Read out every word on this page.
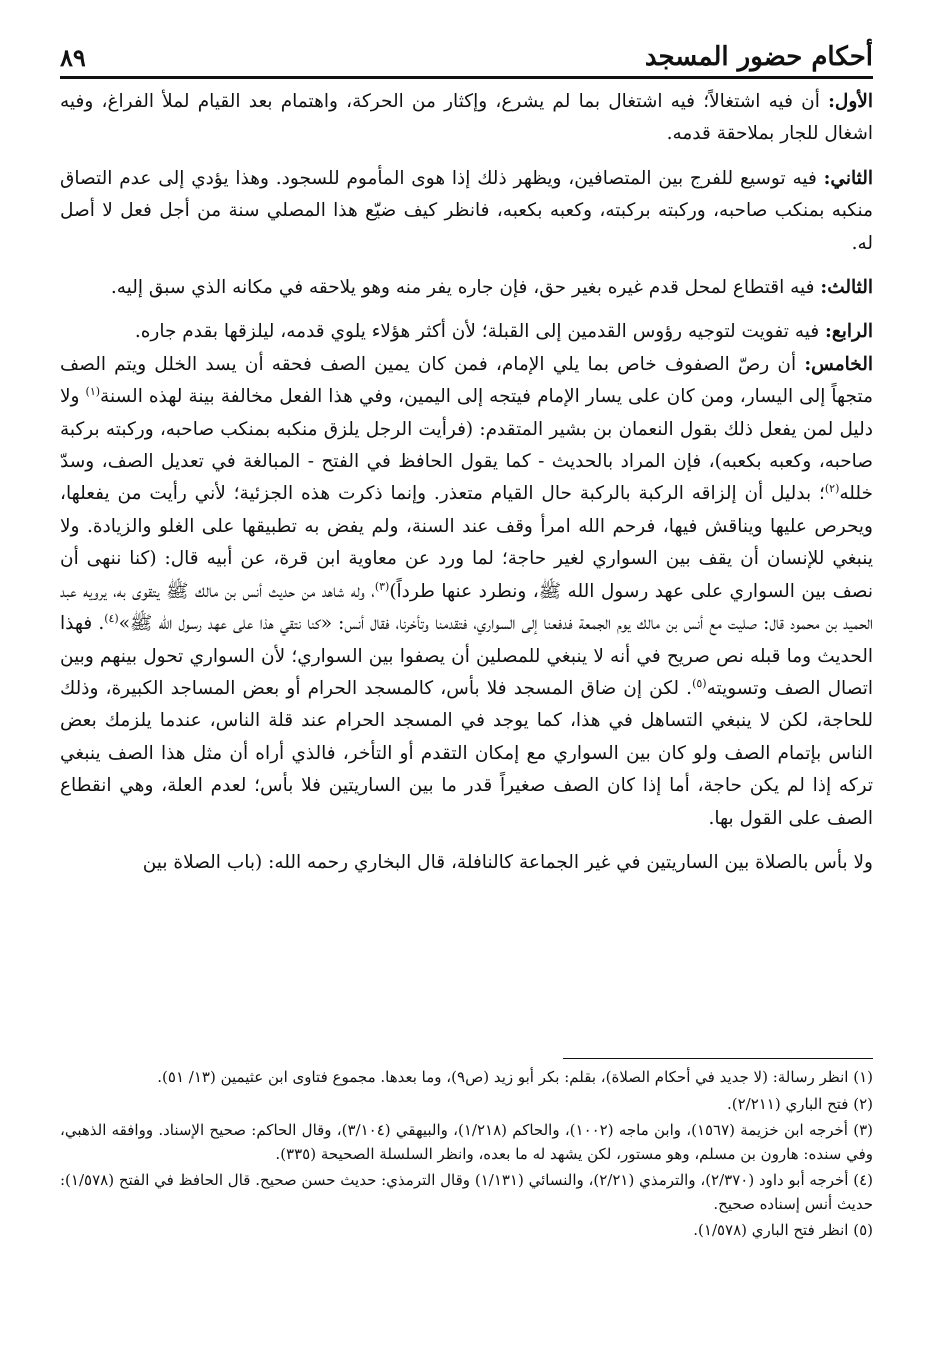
أحكام حضور المسجد
٨٩

الأول: أن فيه اشتغالاً؛ فيه اشتغال بما لم يشرع، وإكثار من الحركة، واهتمام بعد القيام لملأ الفراغ، وفيه اشغال للجار بملاحقة قدمه.

الثاني: فيه توسيع للفرج بين المتصافين، ويظهر ذلك إذا هوى المأموم للسجود. وهذا يؤدي إلى عدم التصاق منكبه بمنكب صاحبه، وركبته بركبته، وكعبه بكعبه، فانظر كيف ضيّع هذا المصلي سنة من أجل فعل لا أصل له.

الثالث: فيه اقتطاع لمحل قدم غيره بغير حق، فإن جاره يفر منه وهو يلاحقه في مكانه الذي سبق إليه.

الرابع: فيه تفويت لتوجيه رؤوس القدمين إلى القبلة؛ لأن أكثر هؤلاء يلوي قدمه، ليلزقها بقدم جاره.

الخامس: أن رصّ الصفوف خاص بما يلي الإمام، فمن كان يمين الصف فحقه أن يسد الخلل ويتم الصف متجهاً إلى اليسار، ومن كان على يسار الإمام فيتجه إلى اليمين، وفي هذا الفعل مخالفة بينة لهذه السنة$^{(١)}$ ولا دليل لمن يفعل ذلك بقول النعمان بن بشير المتقدم: (فرأيت الرجل يلزق منكبه بمنكب صاحبه، وركبته بركبة صاحبه، وكعبه بكعبه)، فإن المراد بالحديث - كما يقول الحافظ في الفتح - المبالغة في تعديل الصف، وسدّ خلله$^{(٢)}$؛ بدليل أن إلزاقه الركبة بالركبة حال القيام متعذر. وإنما ذكرت هذه الجزئية؛ لأني رأيت من يفعلها، ويحرص عليها ويناقش فيها، فرحم الله امرأ وقف عند السنة، ولم يفض به تطبيقها على الغلو والزيادة. ولا ينبغي للإنسان أن يقف بين السواري لغير حاجة؛ لما ورد عن معاوية ابن قرة، عن أبيه قال: (كنا ننهى أن نصف بين السواري على عهد رسول الله ﷺ، ونطرد عنها طرداً)$^{(٣)}$، وله شاهد من حديث أنس بن مالك ﷺ يتقوى به، يرويه عبد الحميد بن محمود قال: صليت مع أنس بن مالك يوم الجمعة فدفعنا إلى السواري، فتقدمنا وتأخرنا، فقال أنس: «كنا نتقي هذا على عهد رسول الله ﷺ»$^{(٤)}$. فهذا الحديث وما قبله نص صريح في أنه لا ينبغي للمصلين أن يصفوا بين السواري؛ لأن السواري تحول بينهم وبين اتصال الصف وتسويته$^{(٥)}$. لكن إن ضاق المسجد فلا بأس، كالمسجد الحرام أو بعض المساجد الكبيرة، وذلك للحاجة، لكن لا ينبغي التساهل في هذا، كما يوجد في المسجد الحرام عند قلة الناس، عندما يلزمك بعض الناس بإتمام الصف ولو كان بين السواري مع إمكان التقدم أو التأخر، فالذي أراه أن مثل هذا الصف ينبغي تركه إذا لم يكن حاجة، أما إذا كان الصف صغيراً قدر ما بين الساريتين فلا بأس؛ لعدم العلة، وهي انقطاع الصف على القول بها.

ولا بأس بالصلاة بين الساريتين في غير الجماعة كالنافلة، قال البخاري رحمه الله: (باب الصلاة بين

(١) انظر رسالة: (لا جديد في أحكام الصلاة)، بقلم: بكر أبو زيد (ص٩)، وما بعدها. مجموع فتاوى ابن عثيمين (١٣/ ٥١).

(٢) فتح الباري (٢/٢١١).

(٣) أخرجه ابن خزيمة (١٥٦٧)، وابن ماجه (١٠٠٢)، والحاكم (١/٢١٨)، والبيهقي (٣/١٠٤)، وقال الحاكم: صحيح الإسناد. ووافقه الذهبي، وفي سنده: هارون بن مسلم، وهو مستور، لكن يشهد له ما بعده، وانظر السلسلة الصحيحة (٣٣٥).

(٤) أخرجه أبو داود (٢/٣٧٠)، والترمذي (٢/٢١)، والنسائي (١/١٣١) وقال الترمذي: حديث حسن صحيح. قال الحافظ في الفتح (١/٥٧٨): حديث أنس إسناده صحيح.

(٥) انظر فتح الباري (١/٥٧٨).
